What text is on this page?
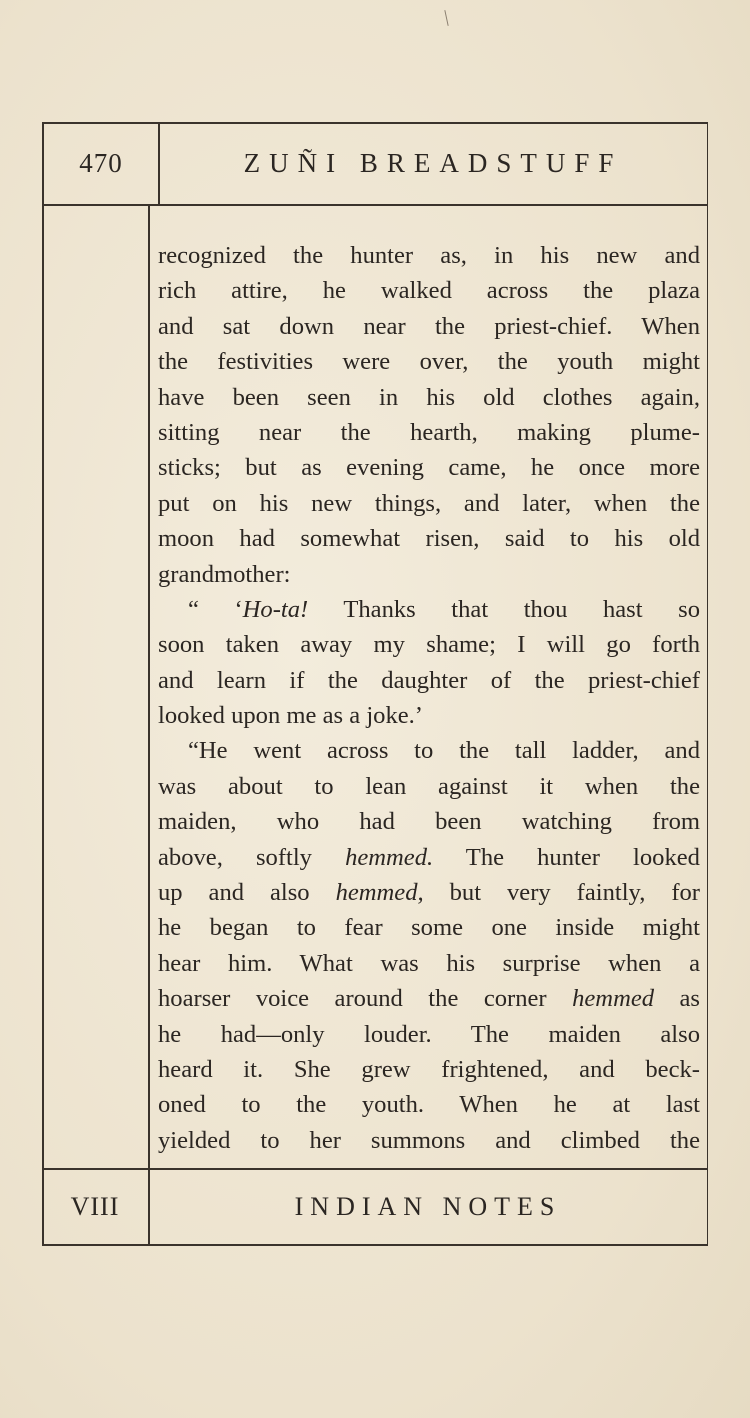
470	ZUÑI BREADSTUFF
recognized the hunter as, in his new and
rich attire, he walked across the plaza
and sat down near the priest-chief. When
the festivities were over, the youth might
have been seen in his old clothes again,
sitting near the hearth, making plume-
sticks; but as evening came, he once more
put on his new things, and later, when the
moon had somewhat risen, said to his old
grandmother:
“ ‘Ho-ta! Thanks that thou hast so
soon taken away my shame; I will go forth
and learn if the daughter of the priest-chief
looked upon me as a joke.’
“He went across to the tall ladder, and
was about to lean against it when the
maiden, who had been watching from
above, softly hemmed. The hunter looked
up and also hemmed, but very faintly, for
he began to fear some one inside might
hear him. What was his surprise when a
hoarser voice around the corner hemmed as
he had—only louder. The maiden also
heard it. She grew frightened, and beck-
oned to the youth. When he at last
yielded to her summons and climbed the
VIII	INDIAN NOTES
